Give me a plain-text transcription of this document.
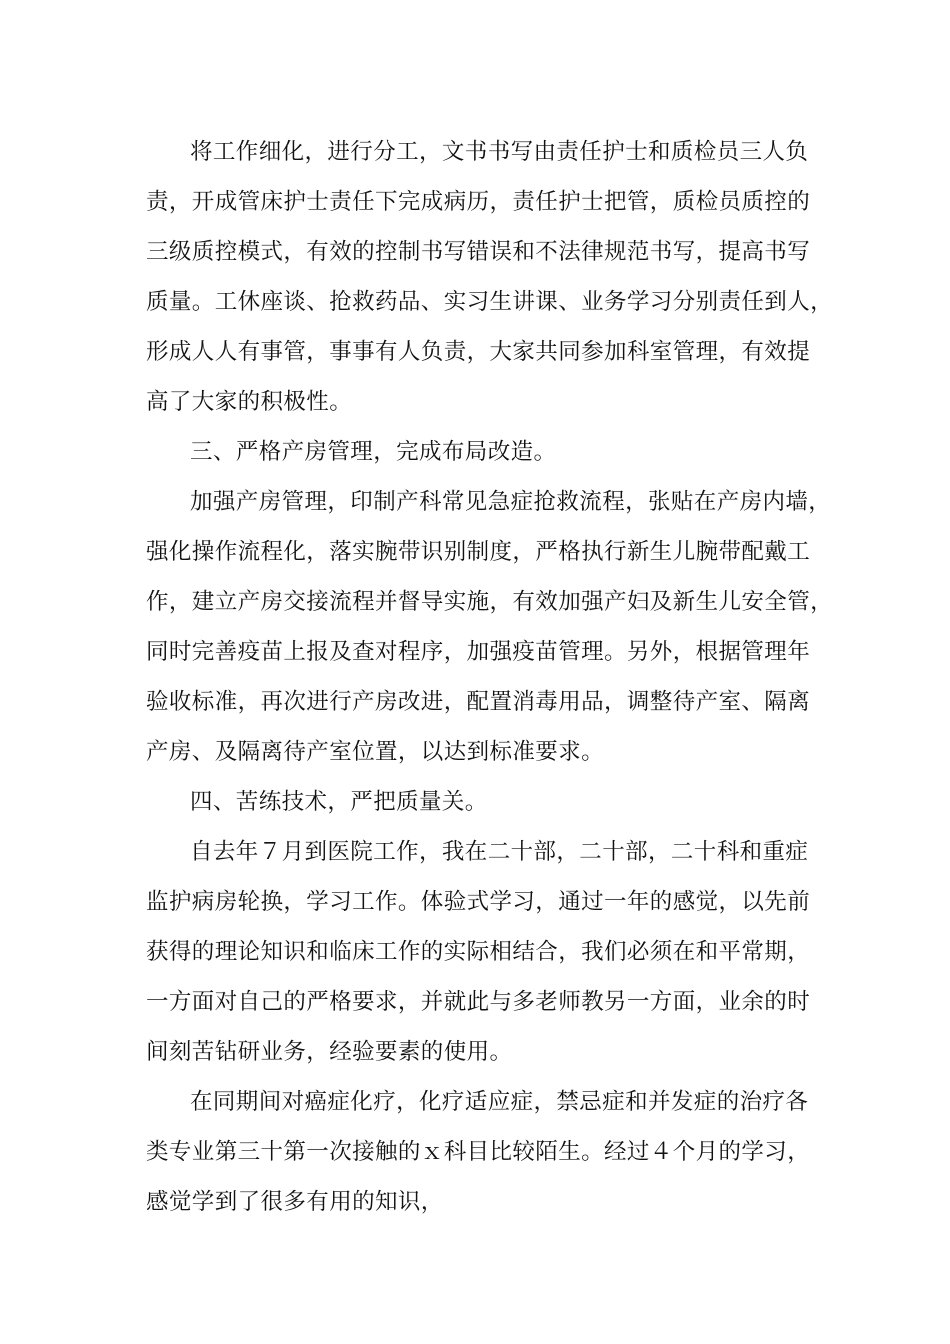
将工作细化，进行分工，文书书写由责任护士和质检员三人负
责，开成管床护士责任下完成病历，责任护士把管，质检员质控的
三级质控模式，有效的控制书写错误和不法律规范书写，提高书写
质量。工休座谈、抢救药品、实习生讲课、业务学习分别责任到人，
形成人人有事管，事事有人负责，大家共同参加科室管理，有效提
高了大家的积极性。
三、严格产房管理，完成布局改造。
加强产房管理，印制产科常见急症抢救流程，张贴在产房内墙，
强化操作流程化，落实腕带识别制度，严格执行新生儿腕带配戴工
作，建立产房交接流程并督导实施，有效加强产妇及新生儿安全管，
同时完善疫苗上报及查对程序，加强疫苗管理。另外，根据管理年
验收标准，再次进行产房改进，配置消毒用品，调整待产室、隔离
产房、及隔离待产室位置，以达到标准要求。
四、苦练技术，严把质量关。
自去年７月到医院工作，我在二十部，二十部，二十科和重症
监护病房轮换，学习工作。体验式学习，通过一年的感觉，以先前
获得的理论知识和临床工作的实际相结合，我们必须在和平常期，
一方面对自己的严格要求，并就此与多老师教另一方面，业余的时
间刻苦钻研业务，经验要素的使用。
在同期间对癌症化疗，化疗适应症，禁忌症和并发症的治疗各
类专业第三十第一次接触的ｘ科目比较陌生。经过４个月的学习，
感觉学到了很多有用的知识，
